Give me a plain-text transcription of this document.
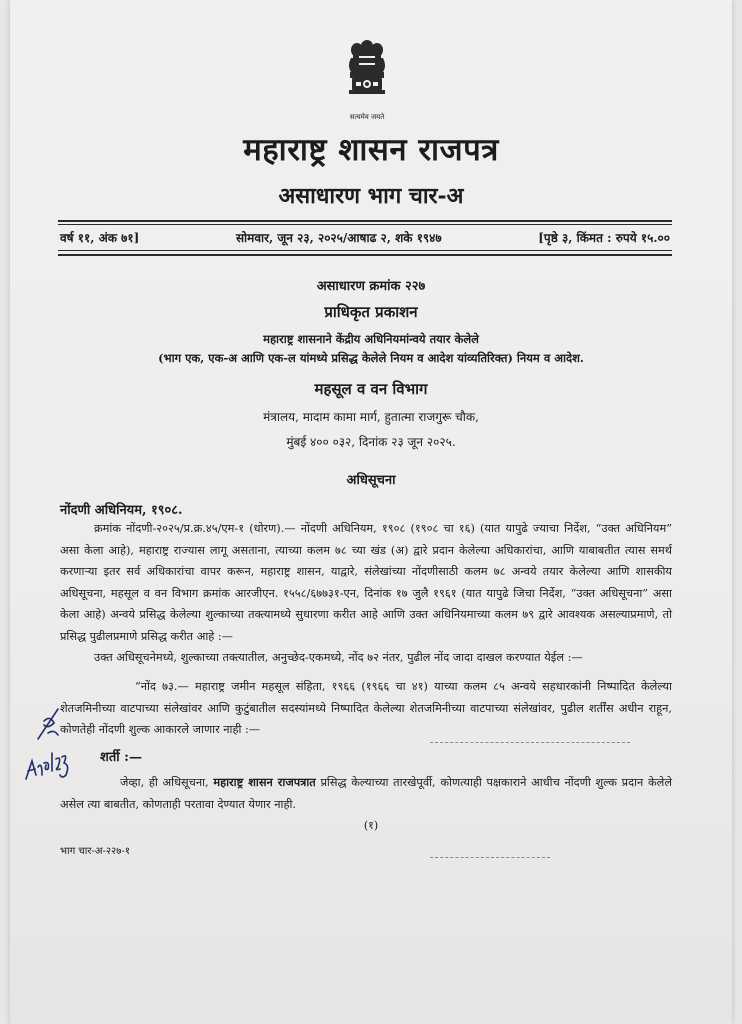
सत्यमेव जयते
महाराष्ट्र शासन राजपत्र
असाधारण भाग चार-अ
वर्ष ११, अंक ७१]	सोमवार, जून २३, २०२५/आषाढ २, शके १९४७	[पृष्ठे ३, किंमत : रुपये १५.००
असाधारण क्रमांक २२७
प्राधिकृत प्रकाशन
महाराष्ट्र शासनाने केंद्रीय अधिनियमांन्वये तयार केलेले
(भाग एक, एक-अ आणि एक-ल यांमध्ये प्रसिद्ध केलेले नियम व आदेश यांव्यतिरिक्त) नियम व आदेश.
महसूल व वन विभाग
मंत्रालय, मादाम कामा मार्ग, हुतात्मा राजगुरू चौक,
मुंबई ४०० ०३२, दिनांक २३ जून २०२५.
अधिसूचना
नोंदणी अधिनियम, १९०८.
क्रमांक नोंदणी-२०२५/प्र.क्र.४५/एम-१ (धोरण).— नोंदणी अधिनियम, १९०८ (१९०८ चा १६) (यात यापुढे ज्याचा निर्देश, “उक्त अधिनियम” असा केला आहे), महाराष्ट्र राज्यास लागू असताना, त्याच्या कलम ७८ च्या खंड (अ) द्वारे प्रदान केलेल्या अधिकारांचा, आणि याबाबतीत त्यास समर्थ करणाऱ्या इतर सर्व अधिकारांचा वापर करून, महाराष्ट्र शासन, याद्वारे, संलेखांच्या नोंदणीसाठी कलम ७८ अन्वये तयार केलेल्या आणि शासकीय अधिसूचना, महसूल व वन विभाग क्रमांक आरजीएन. १५५८/६७७३१-एन, दिनांक १७ जुलै १९६१ (यात यापुढे जिचा निर्देश, “उक्त अधिसूचना” असा केला आहे) अन्वये प्रसिद्ध केलेल्या शुल्काच्या तक्त्यामध्ये सुधारणा करीत आहे आणि उक्त अधिनियमाच्या कलम ७९ द्वारे आवश्यक असल्याप्रमाणे, तो प्रसिद्ध पुढीलप्रमाणे प्रसिद्ध करीत आहे :—
उक्त अधिसूचनेमध्ये, शुल्काच्या तक्त्यातील, अनुच्छेद-एकमध्ये, नोंद ७२ नंतर, पुढील नोंद जादा दाखल करण्यात येईल :—
“नोंद ७३.— महाराष्ट्र जमीन महसूल संहिता, १९६६ (१९६६ चा ४१) याच्या कलम ८५ अन्वये सहधारकांनी निष्पादित केलेल्या शेतजमिनीच्या वाटपाच्या संलेखांवर आणि कुटुंबातील सदस्यांमध्ये निष्पादित केलेल्या शेतजमिनीच्या वाटपाच्या संलेखांवर, पुढील शर्तींस अधीन राहून, कोणतेही नोंदणी शुल्क आकारले जाणार नाही :—
शर्ती :—
जेव्हा, ही अधिसूचना, महाराष्ट्र शासन राजपत्रात प्रसिद्ध केल्याच्या तारखेपूर्वी, कोणत्याही पक्षकाराने आधीच नोंदणी शुल्क प्रदान केलेले असेल त्या बाबतीत, कोणताही परतावा देण्यात येणार नाही.
(१)
भाग चार-अ-२२७-१
